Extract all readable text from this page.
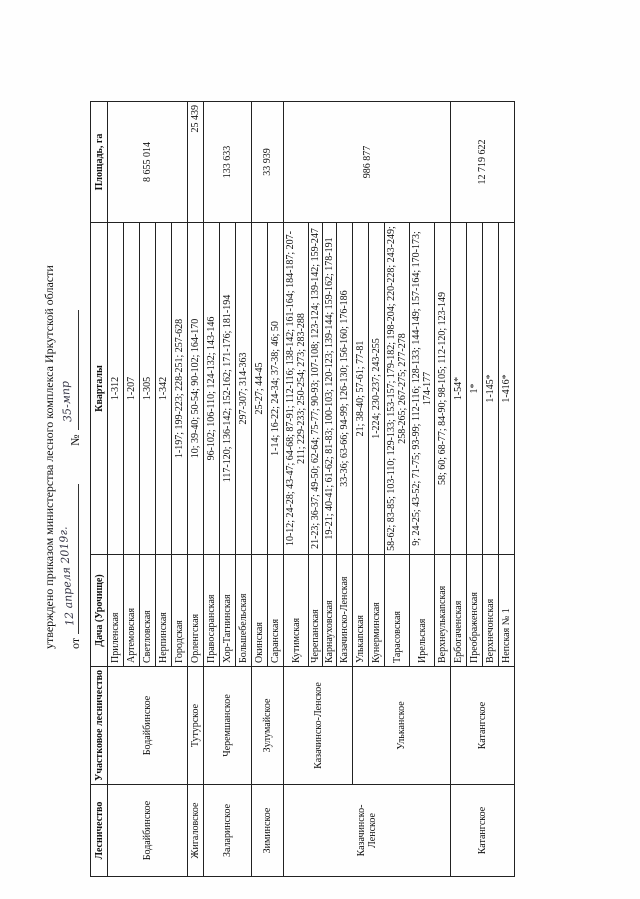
утверждено приказом министерства лесного комплекса Иркутской области от
12 апреля 2019г.
№
35-мпр
Лесничество	Участковое лесничество	Дача (Урочище)	Кварталы	Площадь, га
Бодайбинское	Бодайбинское	Приленская	1-312	8 655 014
		Артемовская	1-207	
		Светловская	1-305	
		Нерпинская	1-342	
		Городская	1-197; 199-223; 228-251; 257-628	
Жигаловское	Тутурское	Орленгская	10; 39-40; 50-54; 90-102; 164-170	25 439
Заларинское	Черемшанское	Правосаранская	96-102; 106-110; 124-132; 143-146	133 633
		Хор-Тагнинская	117-120; 136-142; 152-162; 171-176; 181-194	
		Большебельская	297-307; 314-363	
Зиминское	Зулумайское	Окинская	25-27; 44-45	33 939
		Саранская	1-14; 16-22; 24-34; 37-38; 46; 50	
Казачинско-Ленское	Казачинско-Ленское	Кутимская	10-12; 24-28; 43-47; 64-68; 87-91; 112-116; 138-142; 161-164; 184-187; 207-211; 229-233; 250-254; 273; 283-288	986 877
		Черепанская	21-23; 36-37; 49-50; 62-64; 75-77; 90-93; 107-108; 123-124; 139-142; 159-247	
		Карнауховская	19-21; 40-41; 61-62; 81-83; 100-103; 120-123; 139-144; 159-162; 178-191	
		Казачинско-Ленская	33-36; 63-66; 94-99; 126-130; 156-160; 176-186	
	Ульканское	Улькanская	21; 38-40; 57-61; 77-81	
		Кунерминская	1-224; 230-237; 243-255	
		Тарасовская	58-62; 83-85; 103-110; 129-133; 153-157; 179-182; 198-204; 220-228; 243-249; 258-265; 267-275; 277-278	
		Ирельская	9; 24-25; 43-52; 71-75; 93-99; 112-116; 128-133; 144-149; 157-164; 170-173; 174-177	
		Верхнеулькanская	58; 60; 68-77; 84-90; 98-105; 112-120; 123-149	
Катангское	Катангское	Ербогаченская	1-54*	12 719 622
		Преображенская	1*	
		Верхнечонская	1-145*	
		Непская № 1	1-416*	
